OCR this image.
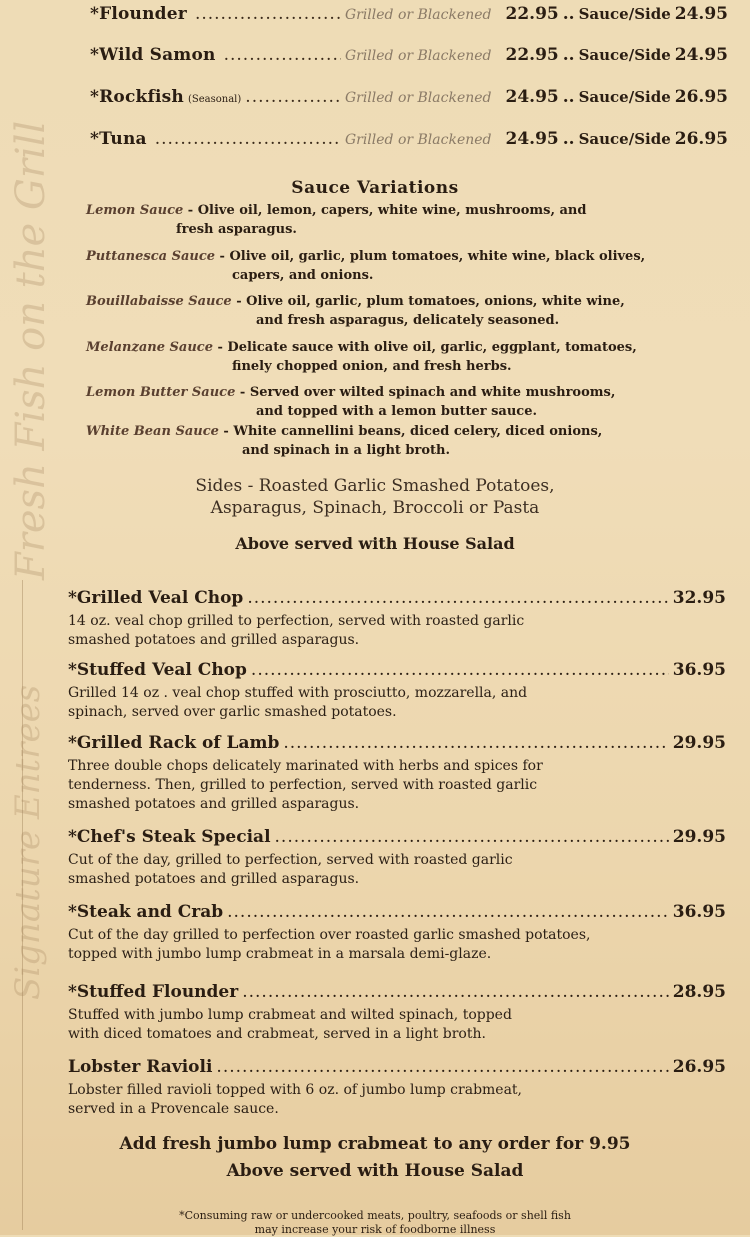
Fresh Fish on the Grill
Signature Entrees
*Flounder .....	Grilled or Blackened 22.95 .. Sauce/Side 24.95
*Wild Samon .....	Grilled or Blackened 22.95 .. Sauce/Side 24.95
*Rockfish (Seasonal) .....	Grilled or Blackened 24.95 .. Sauce/Side 26.95
*Tuna .....	Grilled or Blackened 24.95 .. Sauce/Side 26.95
Sauce Variations
Lemon Sauce - Olive oil, lemon, capers, white wine, mushrooms, and
fresh asparagus.
Puttanesca Sauce - Olive oil, garlic, plum tomatoes, white wine, black olives,
capers, and onions.
Bouillabaisse Sauce - Olive oil, garlic, plum tomatoes, onions, white wine,
and fresh asparagus, delicately seasoned.
Melanzane Sauce - Delicate sauce with olive oil, garlic, eggplant, tomatoes,
finely chopped onion, and fresh herbs.
Lemon Butter Sauce - Served over wilted spinach and white mushrooms,
and topped with a lemon butter sauce.
White Bean Sauce - White cannellini beans, diced celery, diced onions,
and spinach in a light broth.
Sides - Roasted Garlic Smashed Potatoes,
Asparagus, Spinach, Broccoli or Pasta
Above served with House Salad
*Grilled Veal Chop .....	32.95
14 oz. veal chop grilled to perfection, served with roasted garlic
smashed potatoes and grilled asparagus.
*Stuffed Veal Chop .....	36.95
Grilled 14 oz . veal chop stuffed with prosciutto, mozzarella, and
spinach, served over garlic smashed potatoes.
*Grilled Rack of Lamb .....	29.95
Three double chops delicately marinated with herbs and spices for
tenderness. Then, grilled to perfection, served with roasted garlic
smashed potatoes and grilled asparagus.
*Chef's Steak Special .....	29.95
Cut of the day, grilled to perfection, served with roasted garlic
smashed potatoes and grilled asparagus.
*Steak and Crab .....	36.95
Cut of the day grilled to perfection over roasted garlic smashed potatoes,
topped with jumbo lump crabmeat in a marsala demi-glaze.
*Stuffed Flounder .....	28.95
Stuffed with jumbo lump crabmeat and wilted spinach, topped
with diced tomatoes and crabmeat, served in a light broth.
Lobster Ravioli .....	26.95
Lobster filled ravioli topped with 6 oz. of jumbo lump crabmeat,
served in a Provencale sauce.
Add fresh jumbo lump crabmeat to any order for 9.95
Above served with House Salad
*Consuming raw or undercooked meats, poultry, seafoods or shell fish
may increase your risk of foodborne illness
